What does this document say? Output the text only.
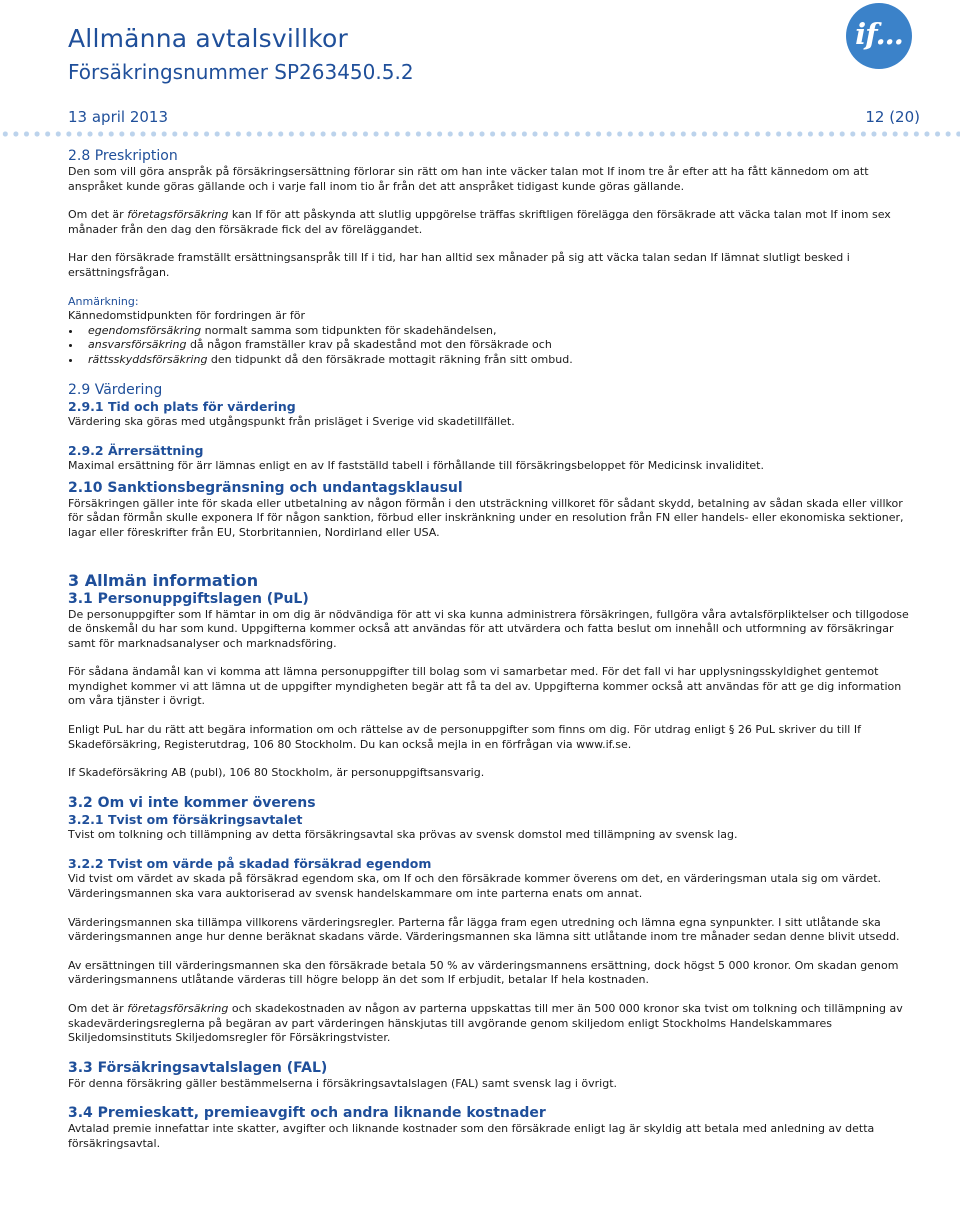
Allmänna avtalsvillkor
Försäkringsnummer SP263450.5.2
13 april 2013	12 (20)
if...

2.8 Preskription

Den som vill göra anspråk på försäkringsersättning förlorar sin rätt om han inte väcker talan mot If inom tre år efter att ha fått kännedom om att anspråket kunde göras gällande och i varje fall inom tio år från det att anspråket tidigast kunde göras gällande.

Om det är företagsförsäkring kan If för att påskynda att slutlig uppgörelse träffas skriftligen förelägga den försäkrade att väcka talan mot If inom sex månader från den dag den försäkrade fick del av föreläggandet.

Har den försäkrade framställt ersättningsanspråk till If i tid, har han alltid sex månader på sig att väcka talan sedan If lämnat slutligt besked i ersättningsfrågan.

Anmärkning:

Kännedomstidpunkten för fordringen är för

egendomsförsäkring normalt samma som tidpunkten för skadehändelsen,
ansvarsförsäkring då någon framställer krav på skadestånd mot den försäkrade och
rättsskyddsförsäkring den tidpunkt då den försäkrade mottagit räkning från sitt ombud.

2.9 Värdering

2.9.1 Tid och plats för värdering

Värdering ska göras med utgångspunkt från prisläget i Sverige vid skadetillfället.

2.9.2 Ärrersättning

Maximal ersättning för ärr lämnas enligt en av If fastställd tabell i förhållande till försäkringsbeloppet för Medicinsk invaliditet.

2.10 Sanktionsbegränsning och undantagsklausul

Försäkringen gäller inte för skada eller utbetalning av någon förmån i den utsträckning villkoret för sådant skydd, betalning av sådan skada eller villkor för sådan förmån skulle exponera If för någon sanktion, förbud eller inskränkning under en resolution från FN eller handels- eller ekonomiska sektioner, lagar eller föreskrifter från EU, Storbritannien, Nordirland eller USA.

3 Allmän information

3.1 Personuppgiftslagen (PuL)

De personuppgifter som If hämtar in om dig är nödvändiga för att vi ska kunna administrera försäkringen, fullgöra våra avtalsförpliktelser och tillgodose de önskemål du har som kund. Uppgifterna kommer också att användas för att utvärdera och fatta beslut om innehåll och utformning av försäkringar samt för marknadsanalyser och marknadsföring.

För sådana ändamål kan vi komma att lämna personuppgifter till bolag som vi samarbetar med. För det fall vi har upplysningsskyldighet gentemot myndighet kommer vi att lämna ut de uppgifter myndigheten begär att få ta del av. Uppgifterna kommer också att användas för att ge dig information om våra tjänster i övrigt.

Enligt PuL har du rätt att begära information om och rättelse av de personuppgifter som finns om dig. För utdrag enligt § 26 PuL skriver du till If Skadeförsäkring, Registerutdrag, 106 80 Stockholm. Du kan också mejla in en förfrågan via www.if.se.

If Skadeförsäkring AB (publ), 106 80 Stockholm, är personuppgiftsansvarig.

3.2 Om vi inte kommer överens

3.2.1 Tvist om försäkringsavtalet

Tvist om tolkning och tillämpning av detta försäkringsavtal ska prövas av svensk domstol med tillämpning av svensk lag.

3.2.2 Tvist om värde på skadad försäkrad egendom

Vid tvist om värdet av skada på försäkrad egendom ska, om If och den försäkrade kommer överens om det, en värderingsman utala sig om värdet. Värderingsmannen ska vara auktoriserad av svensk handelskammare om inte parterna enats om annat.

Värderingsmannen ska tillämpa villkorens värderingsregler. Parterna får lägga fram egen utredning och lämna egna synpunkter. I sitt utlåtande ska värderingsmannen ange hur denne beräknat skadans värde. Värderingsmannen ska lämna sitt utlåtande inom tre månader sedan denne blivit utsedd.

Av ersättningen till värderingsmannen ska den försäkrade betala 50 % av värderingsmannens ersättning, dock högst 5 000 kronor. Om skadan genom värderingsmannens utlåtande värderas till högre belopp än det som If erbjudit, betalar If hela kostnaden.

Om det är företagsförsäkring och skadekostnaden av någon av parterna uppskattas till mer än 500 000 kronor ska tvist om tolkning och tillämpning av skadevärderingsreglerna på begäran av part värderingen hänskjutas till avgörande genom skiljedom enligt Stockholms Handelskammares Skiljedomsinstituts Skiljedomsregler för Försäkringstvister.

3.3 Försäkringsavtalslagen (FAL)

För denna försäkring gäller bestämmelserna i försäkringsavtalslagen (FAL) samt svensk lag i övrigt.

3.4 Premieskatt, premieavgift och andra liknande kostnader

Avtalad premie innefattar inte skatter, avgifter och liknande kostnader som den försäkrade enligt lag är skyldig att betala med anledning av detta försäkringsavtal.
